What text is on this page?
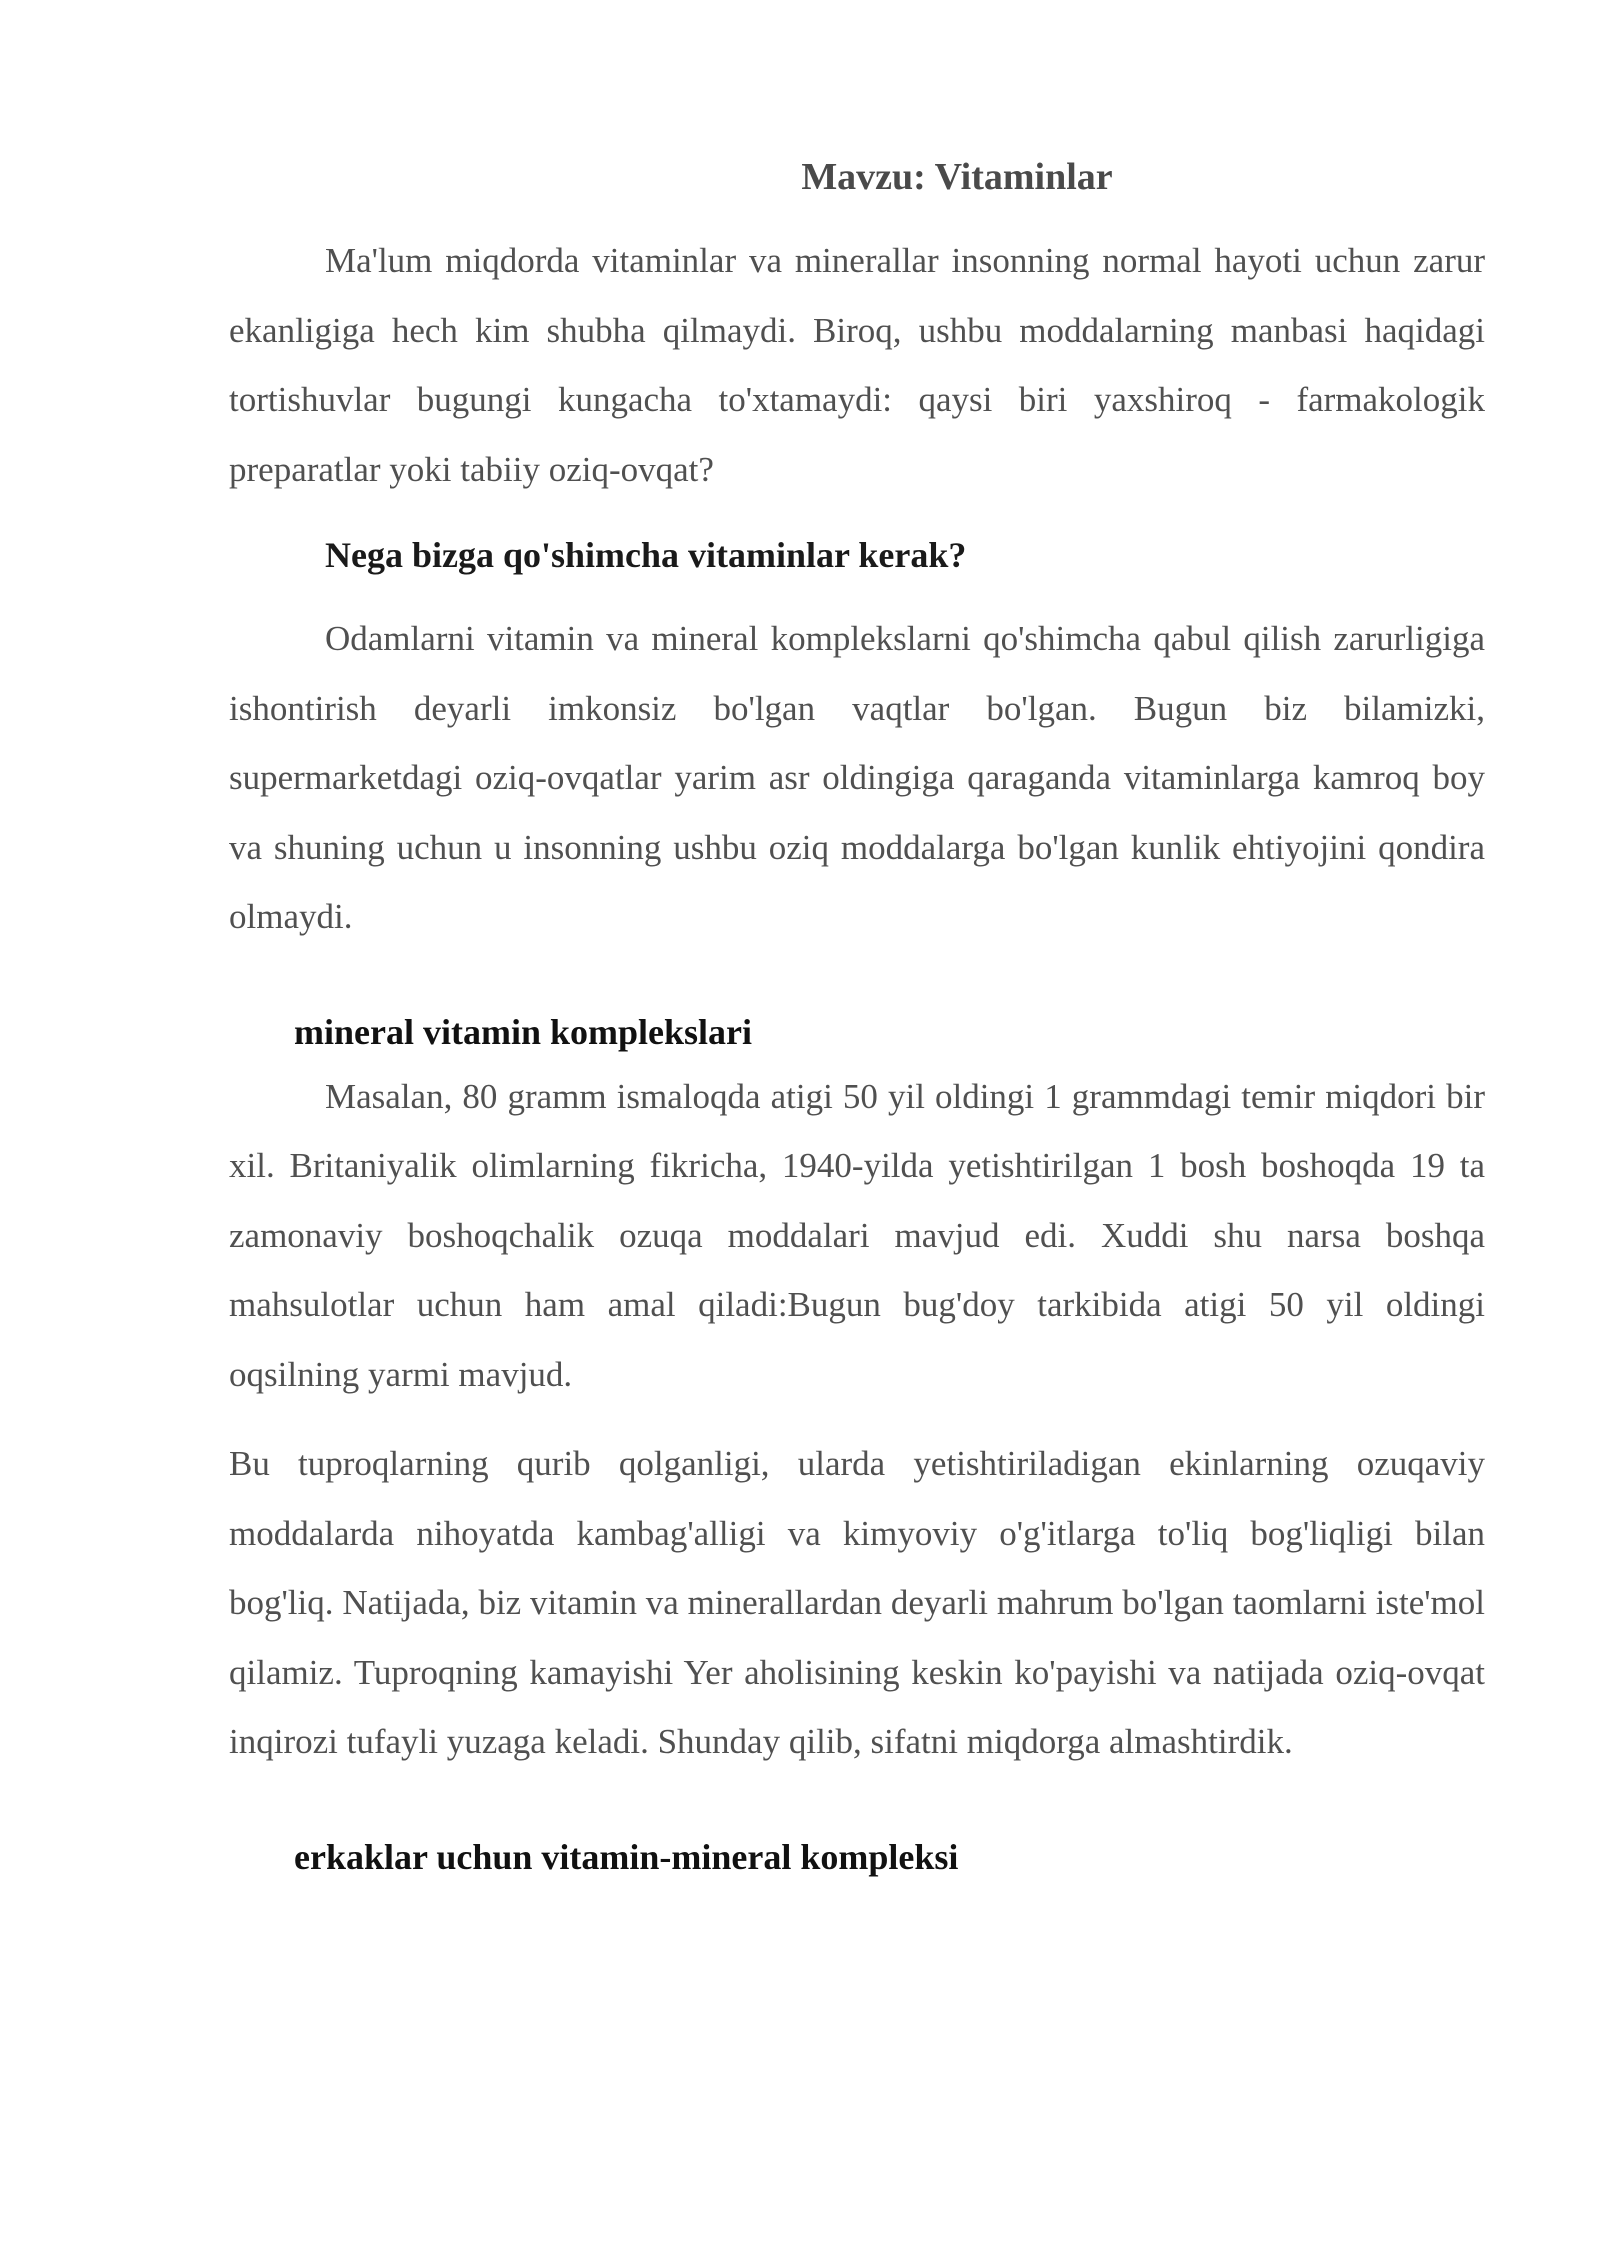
Mavzu: Vitaminlar

Ma'lum miqdorda vitaminlar va minerallar insonning normal hayoti uchun zarur ekanligiga hech kim shubha qilmaydi. Biroq, ushbu moddalarning manbasi haqidagi tortishuvlar bugungi kungacha to'xtamaydi: qaysi biri yaxshiroq - farmakologik preparatlar yoki tabiiy oziq-ovqat?

Nega bizga qo'shimcha vitaminlar kerak?

Odamlarni vitamin va mineral komplekslarni qo'shimcha qabul qilish zarurligiga ishontirish deyarli imkonsiz bo'lgan vaqtlar bo'lgan. Bugun biz bilamizki, supermarketdagi oziq-ovqatlar yarim asr oldingiga qaraganda vitaminlarga kamroq boy va shuning uchun u insonning ushbu oziq moddalarga bo'lgan kunlik ehtiyojini qondira olmaydi.

mineral vitamin komplekslari

Masalan, 80 gramm ismaloqda atigi 50 yil oldingi 1 grammdagi temir miqdori bir xil. Britaniyalik olimlarning fikricha, 1940-yilda yetishtirilgan 1 bosh boshoqda 19 ta zamonaviy boshoqchalik ozuqa moddalari mavjud edi. Xuddi shu narsa boshqa mahsulotlar uchun ham amal qiladi:Bugun bug'doy tarkibida atigi 50 yil oldingi oqsilning yarmi mavjud.

Bu tuproqlarning qurib qolganligi, ularda yetishtiriladigan ekinlarning ozuqaviy moddalarda nihoyatda kambag'alligi va kimyoviy o'g'itlarga to'liq bog'liqligi bilan bog'liq. Natijada, biz vitamin va minerallardan deyarli mahrum bo'lgan taomlarni iste'mol qilamiz. Tuproqning kamayishi Yer aholisining keskin ko'payishi va natijada oziq-ovqat inqirozi tufayli yuzaga keladi. Shunday qilib, sifatni miqdorga almashtirdik.

erkaklar uchun vitamin-mineral kompleksi
